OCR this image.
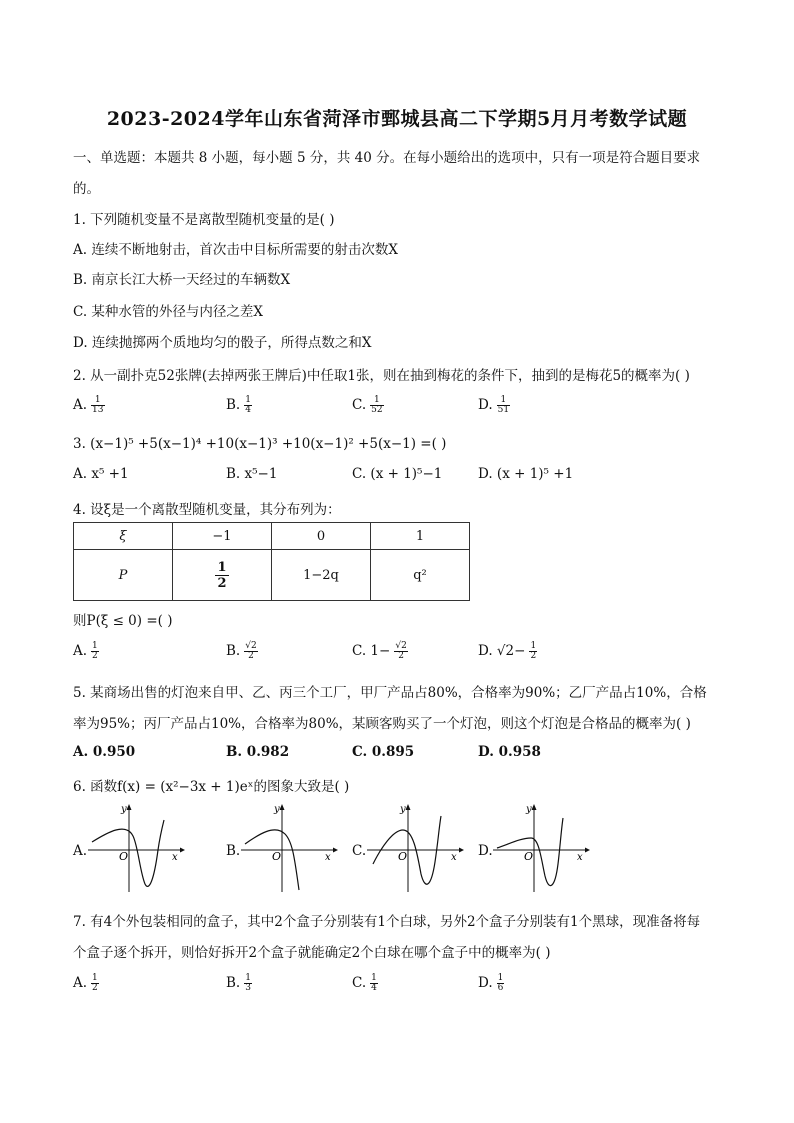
2023-2024学年山东省菏泽市鄄城县高二下学期5月月考数学试题
一、单选题：本题共 8 小题，每小题 5 分，共 40 分。在每小题给出的选项中，只有一项是符合题目要求
的。
1. 下列随机变量不是离散型随机变量的是( )
A. 连续不断地射击，首次击中目标所需要的射击次数X
B. 南京长江大桥一天经过的车辆数X
C. 某种水管的外径与内径之差X
D. 连续抛掷两个质地均匀的骰子，所得点数之和X
2. 从一副扑克52张牌(去掉两张王牌后)中任取1张，则在抽到梅花的条件下，抽到的是梅花5的概率为( )
A. $\frac{1}{13}$	B. $\frac{1}{4}$	C. $\frac{1}{52}$	D. $\frac{1}{51}$
3. (x−1)⁵ +5(x−1)⁴ +10(x−1)³ +10(x−1)² +5(x−1) =( )
A. x⁵ +1	B. x⁵−1	C. (x + 1)⁵−1	D. (x + 1)⁵ +1
4. 设ξ是一个离散型随机变量，其分布列为：
ξ	−1	0	1
P	$\frac{1}{2}$	1−2q	q²
则P(ξ ≤ 0) =( )
A. $\frac{1}{2}$	B. $\frac{√2}{2}$	C. $1- \frac{√2}{2}$	D. $√2- \frac{1}{2}$
5. 某商场出售的灯泡来自甲、乙、丙三个工厂，甲厂产品占80%，合格率为90%；乙厂产品占10%，合格
率为95%；丙厂产品占10%，合格率为80%，某顾客购买了一个灯泡，则这个灯泡是合格品的概率为( )
A. 0.950	B. 0.982	C. 0.895	D. 0.958
6. 函数f(x) = (x²−3x + 1)eˣ的图象大致是( )
A.	O
y
x	B.	O
y
x C.	O
y
x D.	O
y
x
7. 有4个外包装相同的盒子，其中2个盒子分别装有1个白球，另外2个盒子分别装有1个黑球，现准备将每
个盒子逐个拆开，则恰好拆开2个盒子就能确定2个白球在哪个盒子中的概率为( )
A. $\frac{1}{2}$	B. $\frac{1}{3}$	C. $\frac{1}{4}$	D. $\frac{1}{6}$
